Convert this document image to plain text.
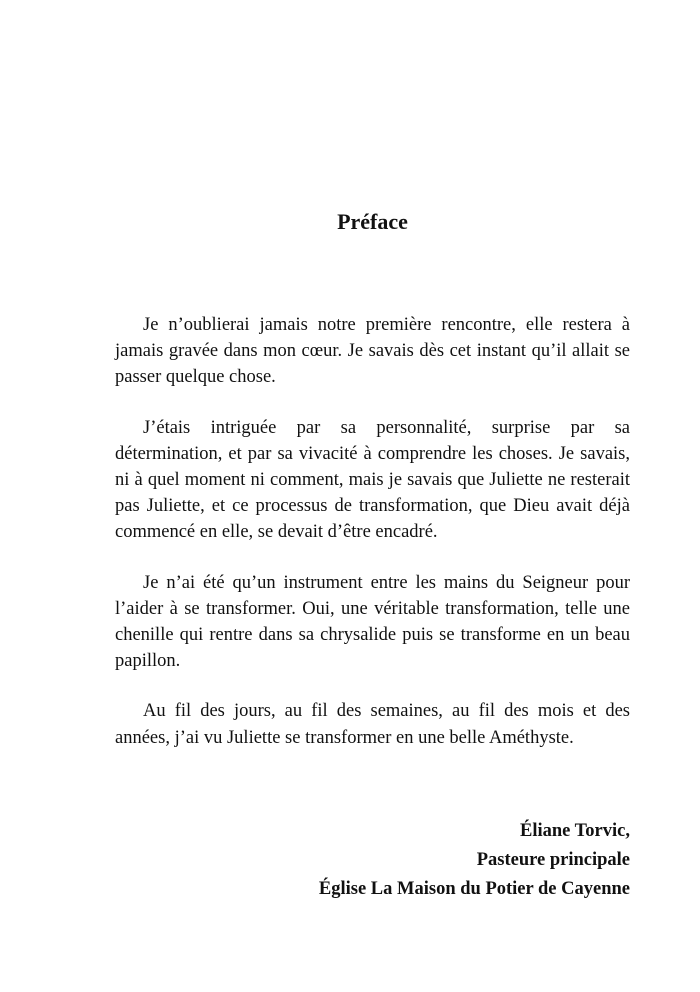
Préface

Je n’oublierai jamais notre première rencontre, elle restera à jamais gravée dans mon cœur. Je savais dès cet instant qu’il allait se passer quelque chose.

J’étais intriguée par sa personnalité, surprise par sa détermination, et par sa vivacité à comprendre les choses. Je savais, ni à quel moment ni comment, mais je savais que Juliette ne resterait pas Juliette, et ce processus de transformation, que Dieu avait déjà commencé en elle, se devait d’être encadré.

Je n’ai été qu’un instrument entre les mains du Seigneur pour l’aider à se transformer. Oui, une véritable transformation, telle une chenille qui rentre dans sa chrysalide puis se transforme en un beau papillon.

Au fil des jours, au fil des semaines, au fil des mois et des années, j’ai vu Juliette se transformer en une belle Améthyste.

Éliane Torvic,
Pasteure principale
Église La Maison du Potier de Cayenne
